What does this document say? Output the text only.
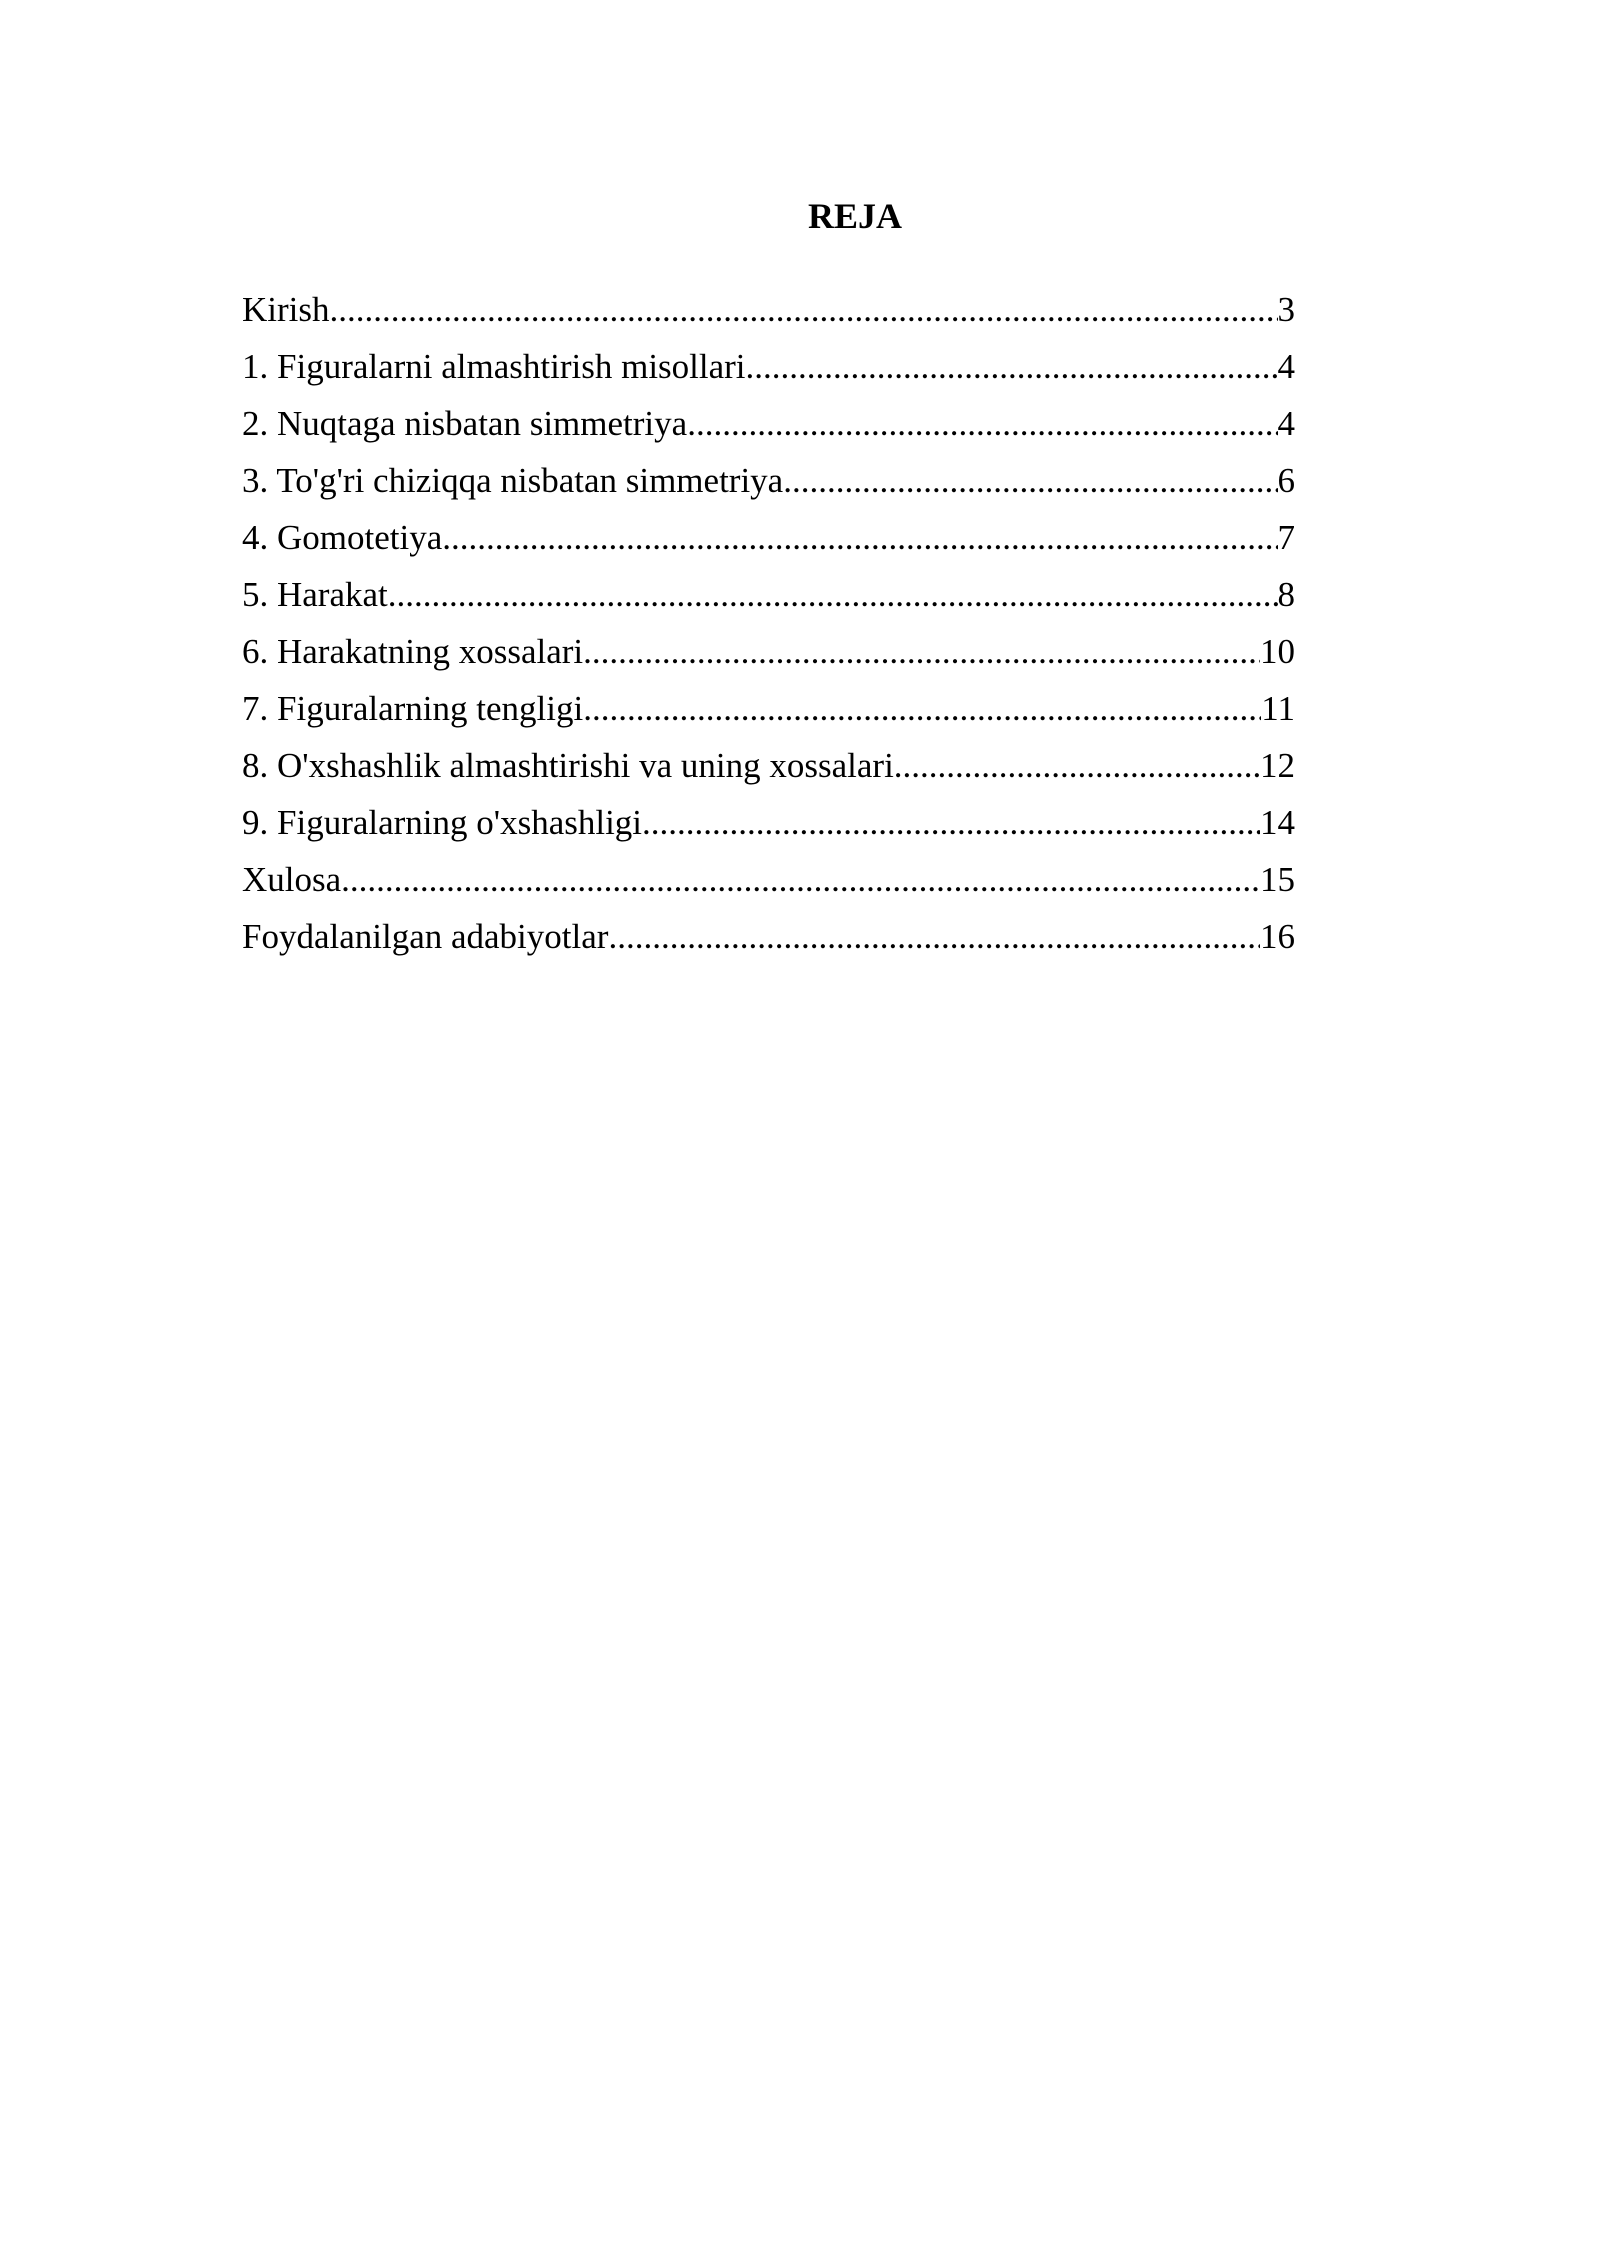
REJA
Kirish .....	3
1. Figuralarni almashtirish misollari .....	4
2. Nuqtaga nisbatan simmetriya .....	4
3. To'g'ri chiziqqa nisbatan simmetriya .....	6
4. Gomotetiya .....	7
5. Harakat .....	8
6. Harakatning xossalari .....	10
7. Figuralarning tengligi .....	11
8. O'xshashlik almashtirishi va uning xossalari .....	12
9. Figuralarning o'xshashligi .....	14
Xulosa .....	15
Foydalanilgan adabiyotlar .....	16
